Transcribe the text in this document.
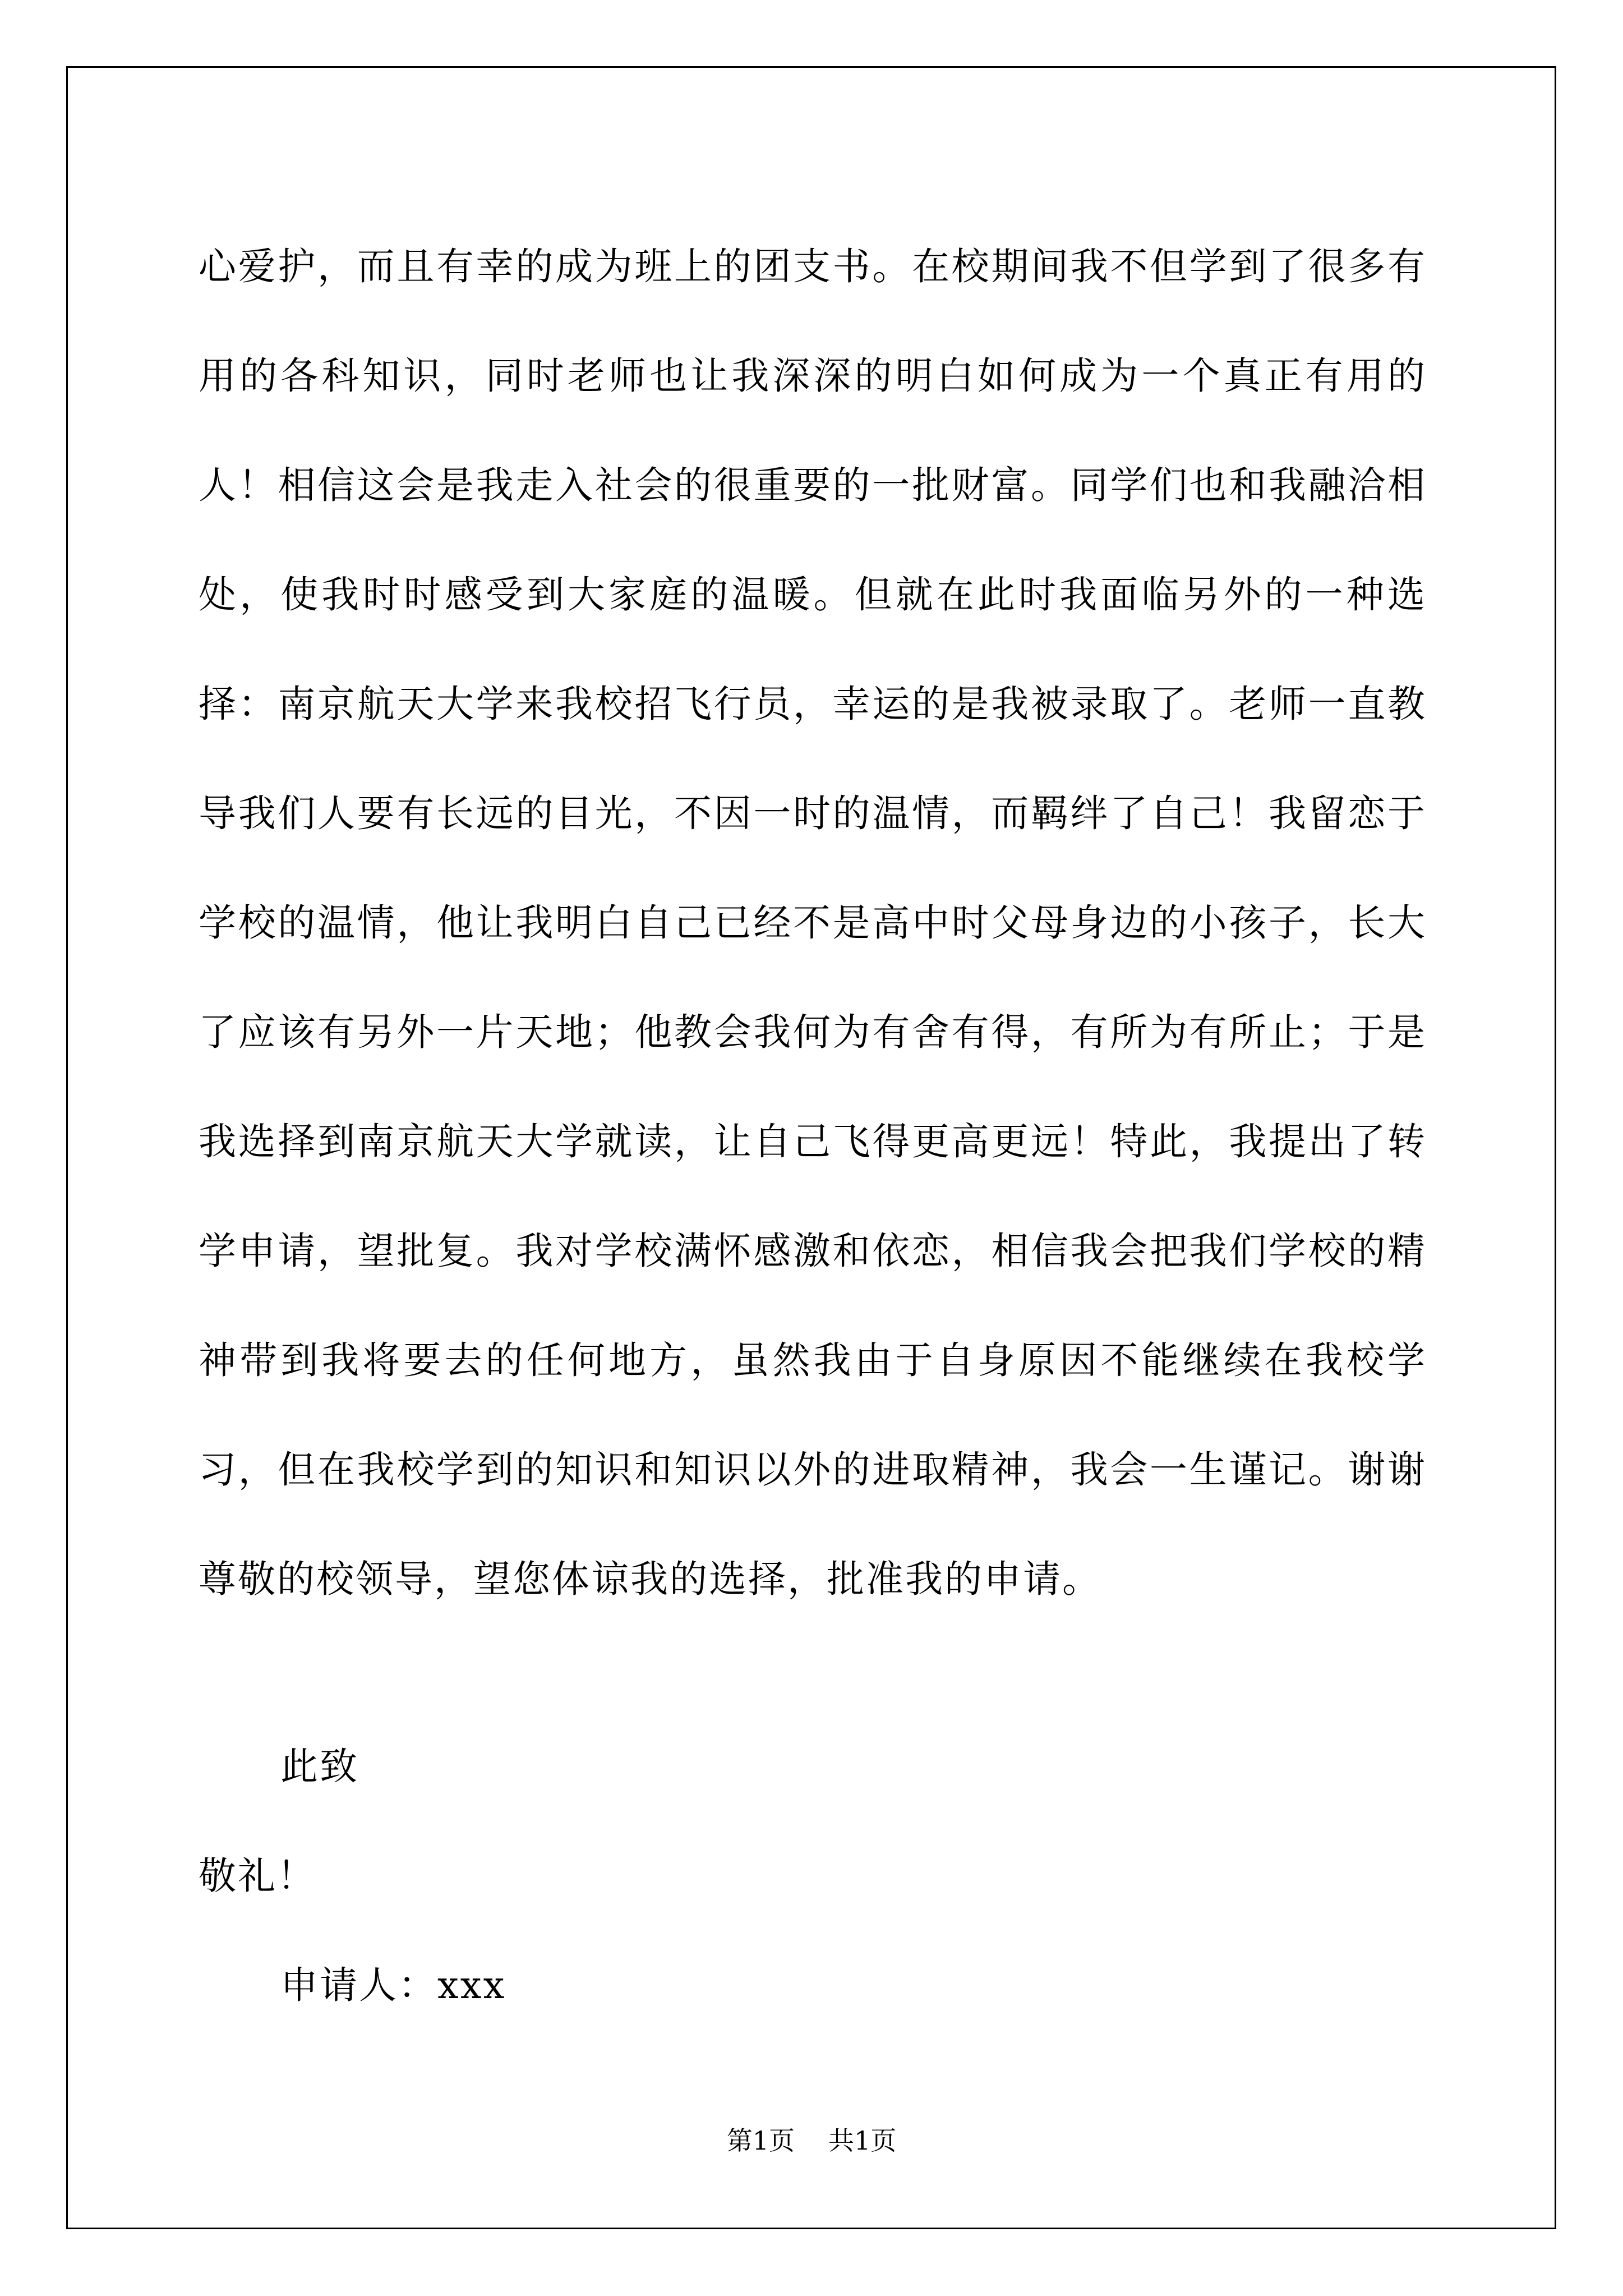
心爱护，而且有幸的成为班上的团支书。在校期间我不但学到了很多有用的各科知识，同时老师也让我深深的明白如何成为一个真正有用的人！相信这会是我走入社会的很重要的一批财富。同学们也和我融洽相处，使我时时感受到大家庭的温暖。但就在此时我面临另外的一种选择：南京航天大学来我校招飞行员，幸运的是我被录取了。老师一直教导我们人要有长远的目光，不因一时的温情，而羁绊了自己！我留恋于学校的温情，他让我明白自己已经不是高中时父母身边的小孩子，长大了应该有另外一片天地；他教会我何为有舍有得，有所为有所止；于是我选择到南京航天大学就读，让自己飞得更高更远！特此，我提出了转学申请，望批复。我对学校满怀感激和依恋，相信我会把我们学校的精神带到我将要去的任何地方，虽然我由于自身原因不能继续在我校学习，但在我校学到的知识和知识以外的进取精神，我会一生谨记。谢谢尊敬的校领导，望您体谅我的选择，批准我的申请。

此致

敬礼！

申请人：xxx

第1页 共1页
